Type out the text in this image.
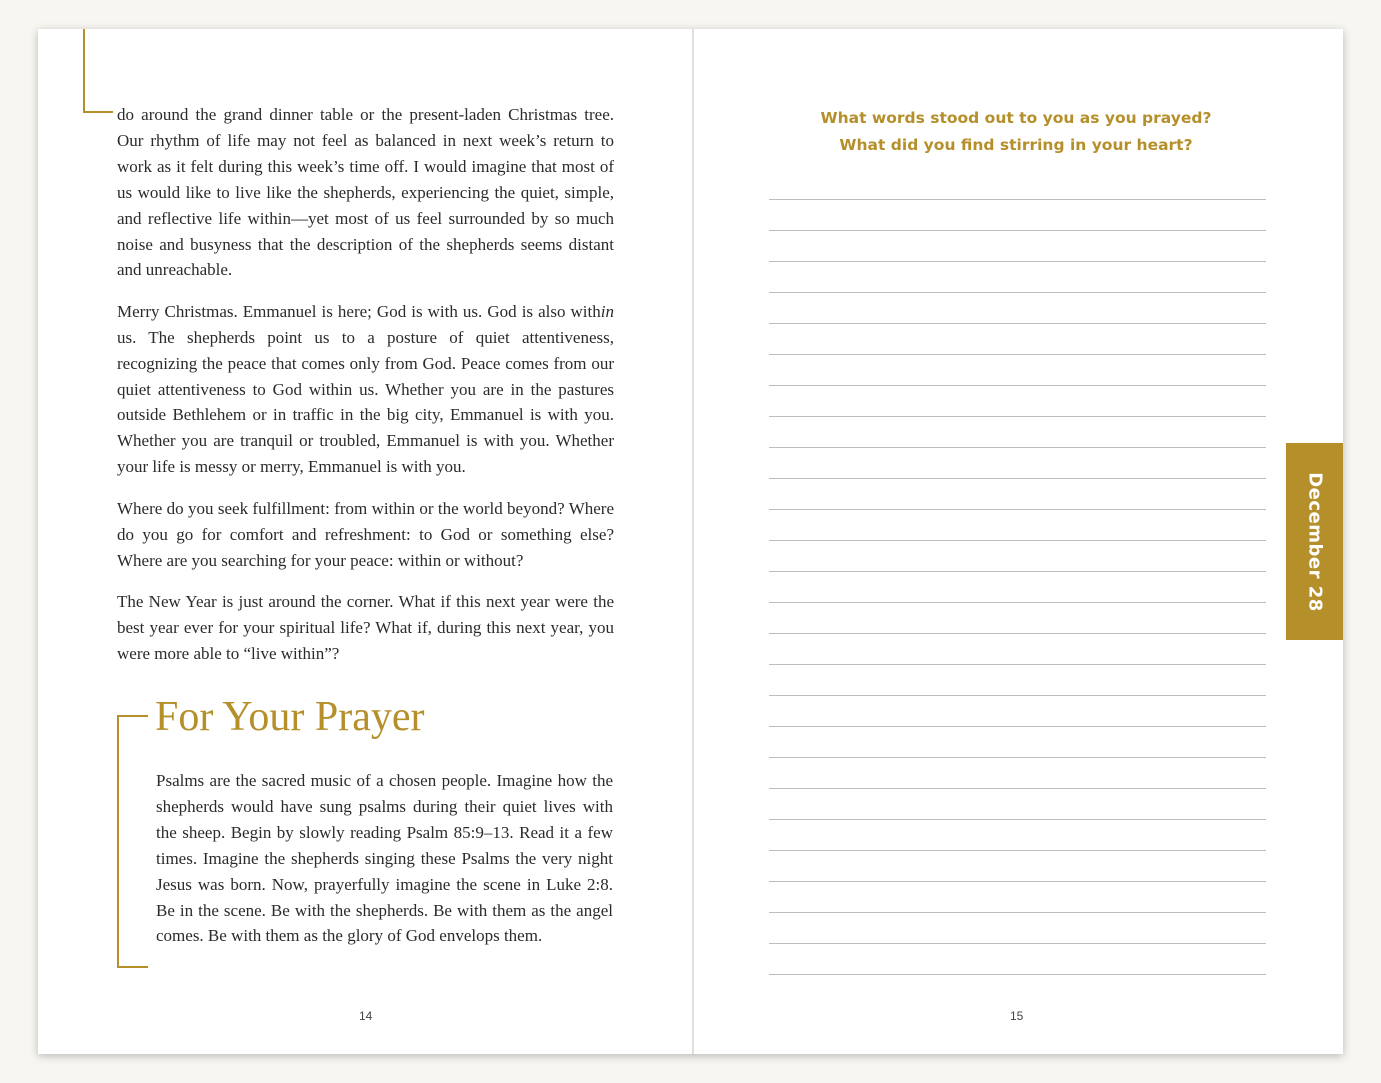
do around the grand dinner table or the present-laden Christmas tree. Our rhythm of life may not feel as balanced in next week’s return to work as it felt during this week’s time off. I would imagine that most of us would like to live like the shepherds, experiencing the quiet, simple, and reflective life within—yet most of us feel surrounded by so much noise and busyness that the description of the shepherds seems distant and unreachable.

Merry Christmas. Emmanuel is here; God is with us. God is also within us. The shepherds point us to a posture of quiet attentiveness, recognizing the peace that comes only from God. Peace comes from our quiet attentiveness to God within us. Whether you are in the pastures outside Bethlehem or in traffic in the big city, Emmanuel is with you. Whether you are tranquil or troubled, Emmanuel is with you. Whether your life is messy or merry, Emmanuel is with you.

Where do you seek fulfillment: from within or the world beyond? Where do you go for comfort and refreshment: to God or something else? Where are you searching for your peace: within or without?

The New Year is just around the corner. What if this next year were the best year ever for your spiritual life? What if, during this next year, you were more able to “live within”?

For Your Prayer

Psalms are the sacred music of a chosen people. Imagine how the shepherds would have sung psalms during their quiet lives with the sheep. Begin by slowly reading Psalm 85:9–13. Read it a few times. Imagine the shepherds singing these Psalms the very night Jesus was born. Now, prayerfully imagine the scene in Luke 2:8. Be in the scene. Be with the shepherds. Be with them as the angel comes. Be with them as the glory of God envelops them.

14
What words stood out to you as you prayed?
What did you find stirring in your heart?
15
December 28
